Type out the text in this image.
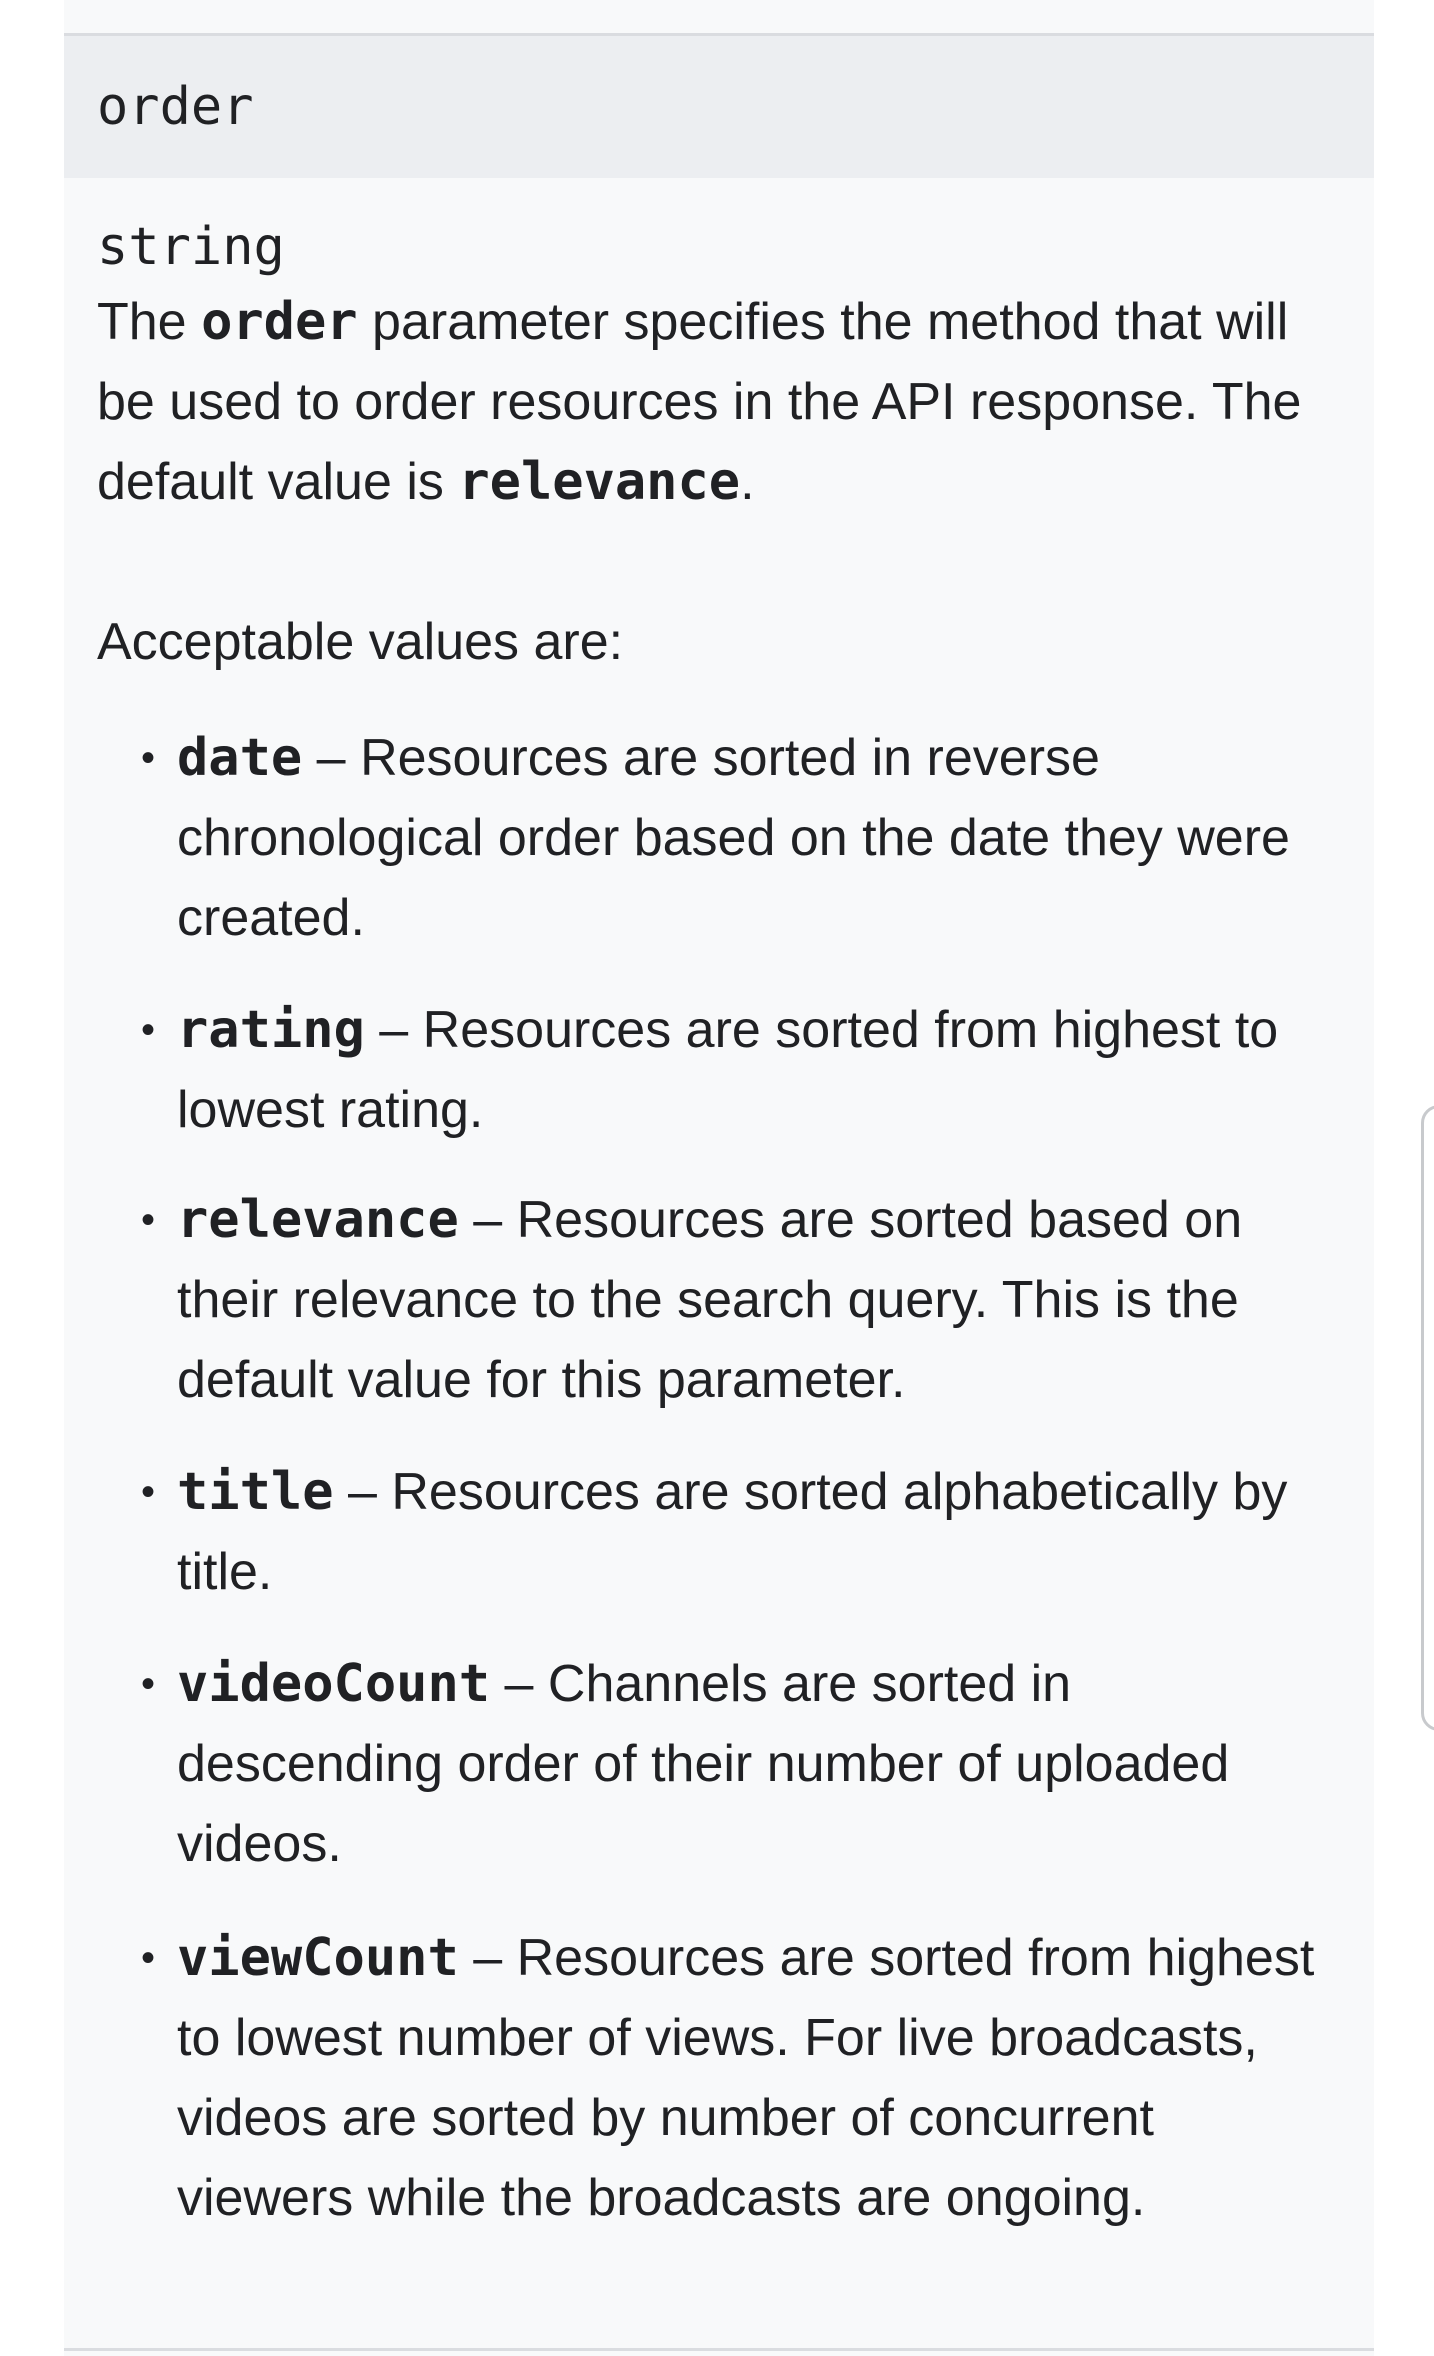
order
string

The order parameter specifies the method that will be used to order resources in the API response. The default value is relevance.

Acceptable values are:

• date – Resources are sorted in reverse chronological order based on the date they were created.
• rating – Resources are sorted from highest to lowest rating.
• relevance – Resources are sorted based on their relevance to the search query. This is the default value for this parameter.
• title – Resources are sorted alphabetically by title.
• videoCount – Channels are sorted in descending order of their number of uploaded videos.
• viewCount – Resources are sorted from highest to lowest number of views. For live broadcasts, videos are sorted by number of concurrent viewers while the broadcasts are ongoing.
